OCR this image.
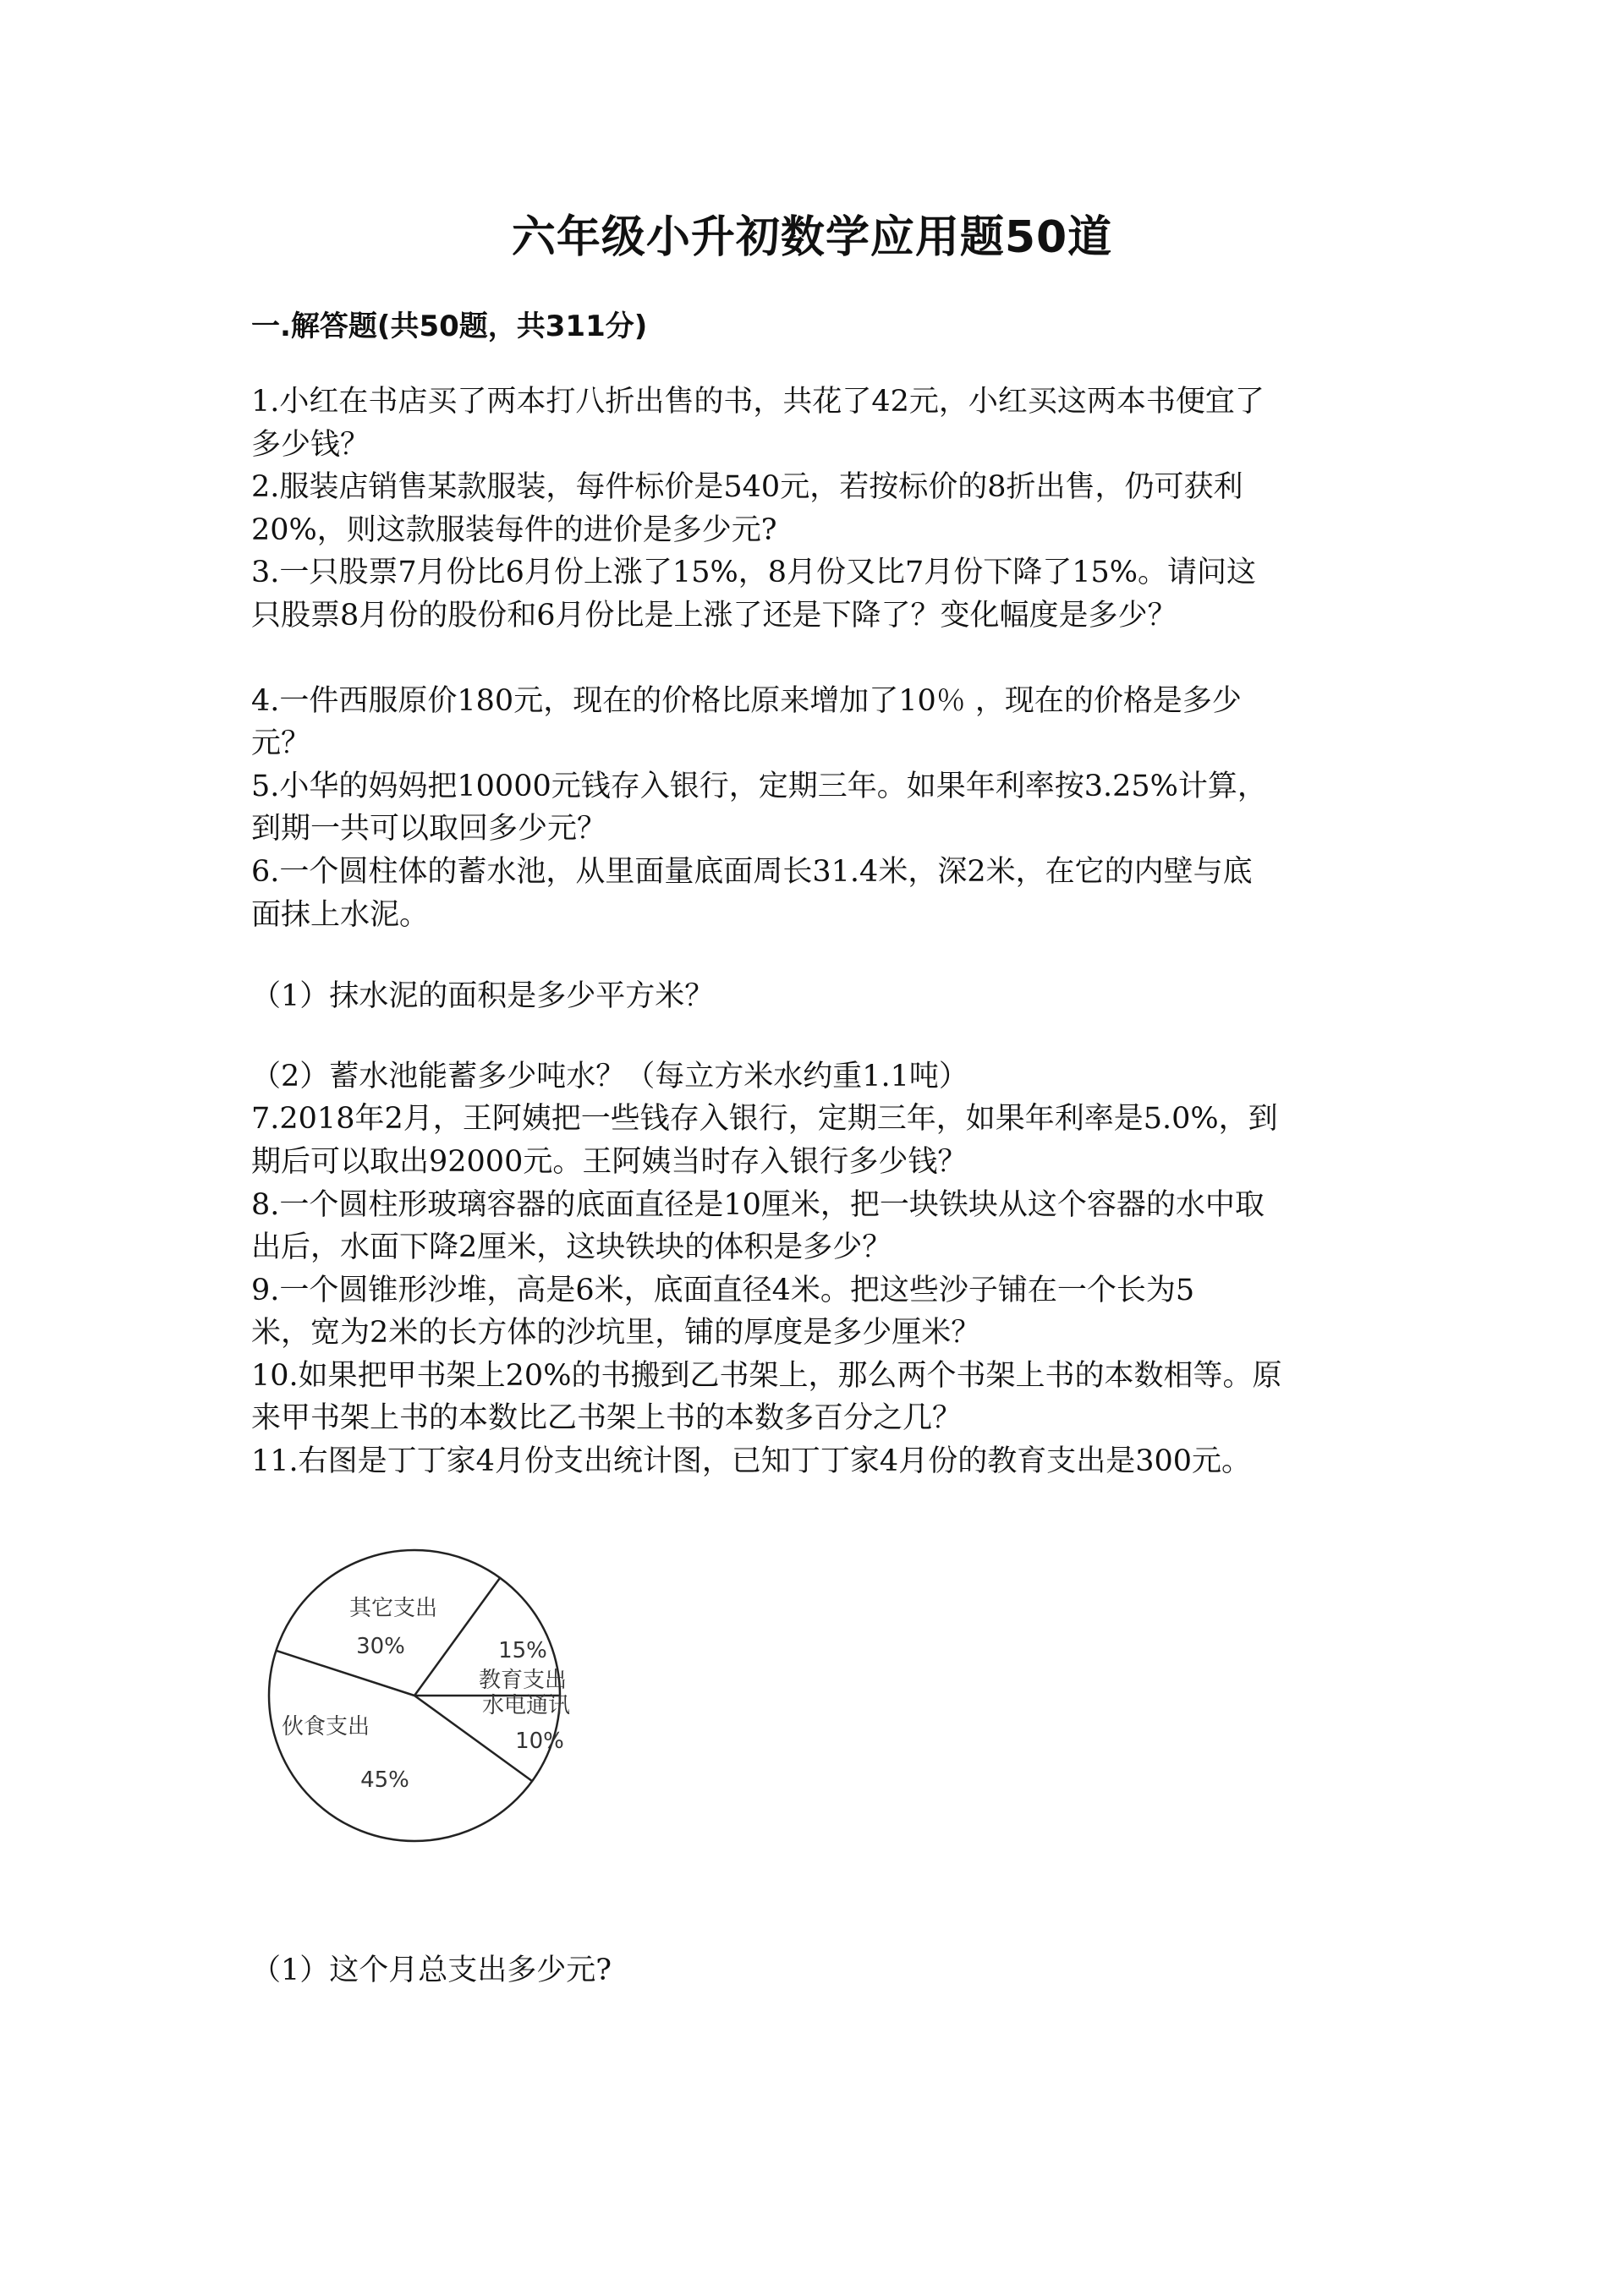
六年级小升初数学应用题50道
一.解答题(共50题，共311分)
1.小红在书店买了两本打八折出售的书，共花了42元，小红买这两本书便宜了
多少钱？
2.服装店销售某款服装，每件标价是540元，若按标价的8折出售，仍可获利
20%，则这款服装每件的进价是多少元?
3.一只股票7月份比6月份上涨了15%，8月份又比7月份下降了15%。请问这
只股票8月份的股份和6月份比是上涨了还是下降了？变化幅度是多少？
4.一件西服原价180元，现在的价格比原来增加了10％ ，现在的价格是多少
元？
5.小华的妈妈把10000元钱存入银行，定期三年。如果年利率按3.25%计算，
到期一共可以取回多少元？
6.一个圆柱体的蓄水池，从里面量底面周长31.4米，深2米，在它的内壁与底
面抹上水泥。
（1）抹水泥的面积是多少平方米？
（2）蓄水池能蓄多少吨水？（每立方米水约重1.1吨）
7.2018年2月，王阿姨把一些钱存入银行，定期三年，如果年利率是5.0%，到
期后可以取出92000元。王阿姨当时存入银行多少钱？
8.一个圆柱形玻璃容器的底面直径是10厘米，把一块铁块从这个容器的水中取
出后，水面下降2厘米，这块铁块的体积是多少？
9.一个圆锥形沙堆，高是6米，底面直径4米。把这些沙子铺在一个长为5
米，宽为2米的长方体的沙坑里，铺的厚度是多少厘米？
10.如果把甲书架上20%的书搬到乙书架上，那么两个书架上书的本数相等。原
来甲书架上书的本数比乙书架上书的本数多百分之几？
11.右图是丁丁家4月份支出统计图，已知丁丁家4月份的教育支出是300元。
教育支出
15%
其它支出
30%
伙食支出
45%
水电通讯
10%
（1）这个月总支出多少元?
